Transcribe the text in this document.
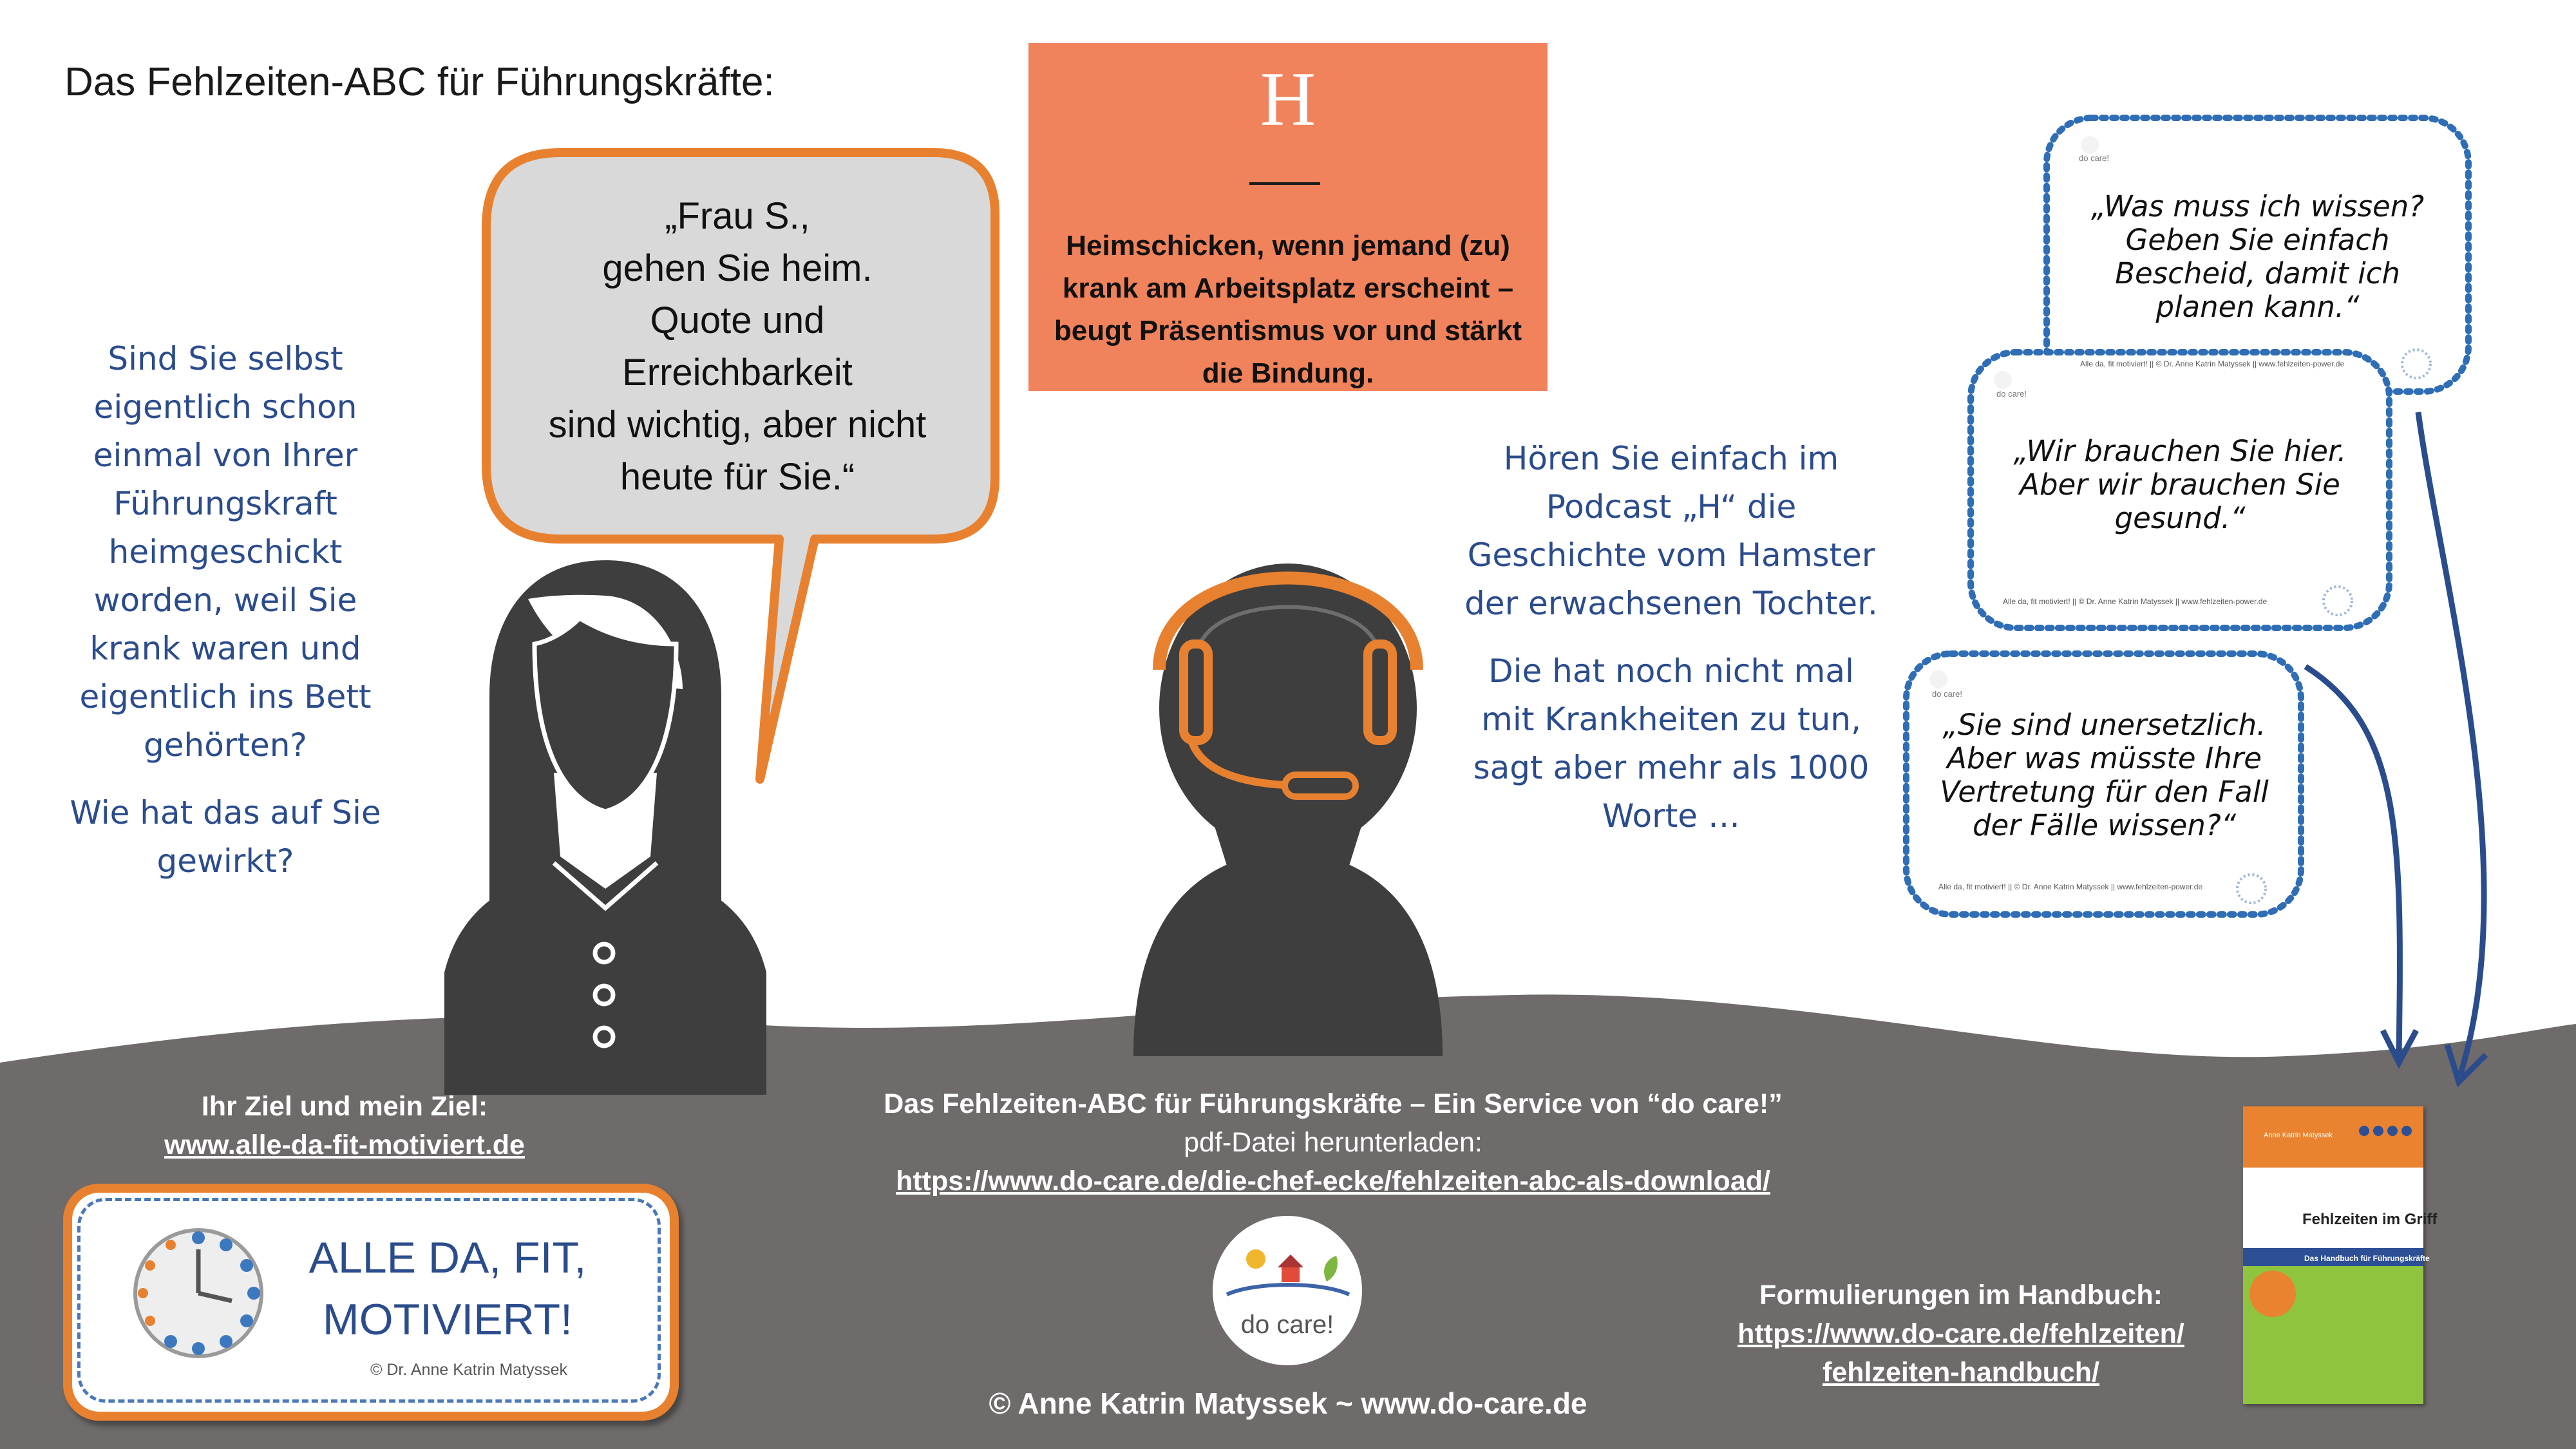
Das Fehlzeiten-ABC für Führungskräfte:	H
Heimschicken, wenn jemand (zu) krank am Arbeitsplatz erscheint – beugt Präsentismus vor und stärkt die Bindung.
„Frau S.,
gehen Sie heim.
Quote und
Erreichbarkeit
sind wichtig, aber nicht
heute für Sie.“

Sind Sie selbst eigentlich schon einmal von Ihrer Führungskraft heimgeschickt worden, weil Sie krank waren und eigentlich ins Bett gehörten?

Wie hat das auf Sie gewirkt?

Hören Sie einfach im Podcast „H“ die Geschichte vom Hamster der erwachsenen Tochter.

Die hat noch nicht mal mit Krankheiten zu tun, sagt aber mehr als 1000 Worte …

do care!
„Was muss ich wissen? Geben Sie einfach Bescheid, damit ich planen kann.“
Alle da, fit motiviert! || © Dr. Anne Katrin Matyssek || www.fehlzeiten-power.de
do care!
„Wir brauchen Sie hier. Aber wir brauchen Sie gesund.“
Alle da, fit motiviert! || © Dr. Anne Katrin Matyssek || www.fehlzeiten-power.de
do care!
„Sie sind unersetzlich. Aber was müsste Ihre Vertretung für den Fall der Fälle wissen?“
Alle da, fit motiviert! || © Dr. Anne Katrin Matyssek || www.fehlzeiten-power.de
Anne Katrin Matyssek
Fehlzeiten im Griff
Das Handbuch für Führungskräfte
Ihr Ziel und mein Ziel:
www.alle-da-fit-motiviert.de
Das Fehlzeiten-ABC für Führungskräfte – Ein Service von “do care!”
pdf-Datei herunterladen:
https://www.do-care.de/die-chef-ecke/fehlzeiten-abc-als-download/
© Anne Katrin Matyssek ~ www.do-care.de
Formulierungen im Handbuch:
https://www.do-care.de/fehlzeiten/
fehlzeiten-handbuch/
do care!
ALLE DA, FIT,
MOTIVIERT!
© Dr. Anne Katrin Matyssek
